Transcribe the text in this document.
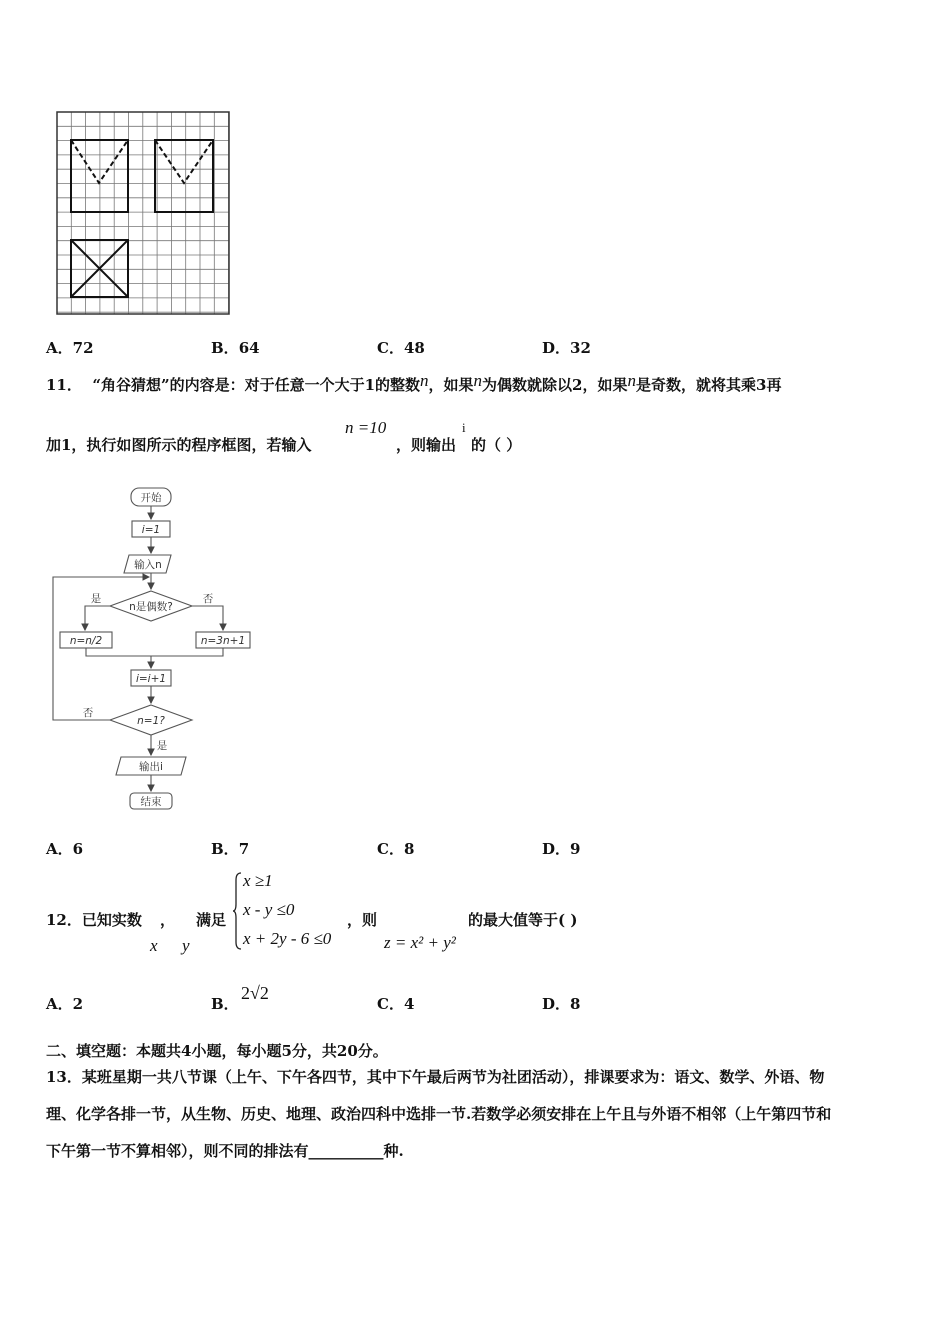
A．72	B．64	C．48	D．32
11． “角谷猜想”的内容是：对于任意一个大于1的整数n，如果n为偶数就除以2，如果n是奇数，就将其乘3再
加1，执行如图所示的程序框图，若输入
n =10
，则输出
i
的（ ）
开始
i=1
输入n
n是偶数?
是	否
n=n/2	n=3n+1
i=i+1
n=1?
否
是
输出i
结束
A．6	B．7	C．8	D．9
12．已知实数 ， 满足
x y
x ≥1
x - y ≤0
x + 2y - 6 ≤0
，则
z = x² + y²
的最大值等于( )
A．2	B．
2√2
C．4	D．8
二、填空题：本题共4小题，每小题5分，共20分。
13．某班星期一共八节课（上午、下午各四节，其中下午最后两节为社团活动），排课要求为：语文、数学、外语、物
理、化学各排一节，从生物、历史、地理、政治四科中选排一节.若数学必须安排在上午且与外语不相邻（上午第四节和
下午第一节不算相邻），则不同的排法有__________种.
